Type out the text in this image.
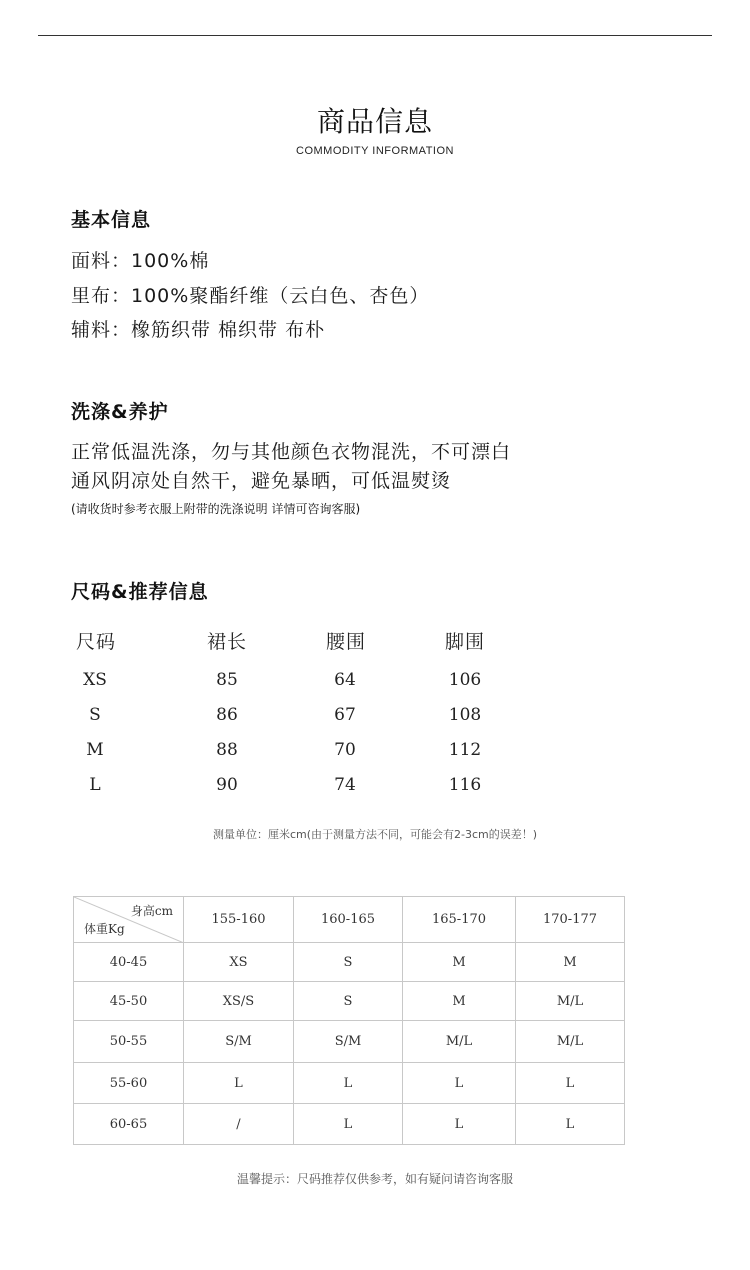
商品信息
COMMODITY INFORMATION
基本信息
面料：100%棉
里布：100%聚酯纤维（云白色、杏色）
辅料：橡筋织带 棉织带 布朴
洗涤&养护
正常低温洗涤，勿与其他颜色衣物混洗，不可漂白
通风阴凉处自然干，避免暴晒，可低温熨烫
(请收货时参考衣服上附带的洗涤说明 详情可咨询客服)
尺码&推荐信息
尺码	裙长	腰围	脚围
XS	85	64	106
S	86	67	108
M	88	70	112
L	90	74	116
测量单位：厘米cm(由于测量方法不同，可能会有2-3cm的误差！)
身高cm
体重Kg	155-160	160-165	165-170	170-177
40-45	XS	S	M	M
45-50	XS/S	S	M	M/L
50-55	S/M	S/M	M/L	M/L
55-60	L	L	L	L
60-65	/	L	L	L
温馨提示：尺码推荐仅供参考，如有疑问请咨询客服
